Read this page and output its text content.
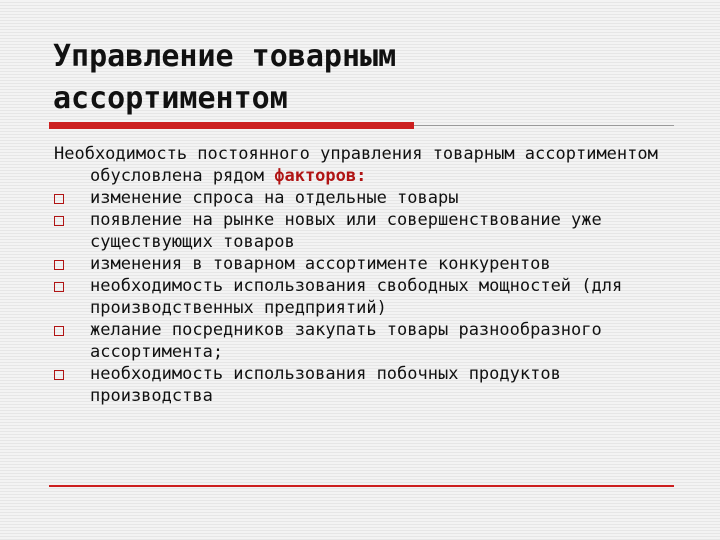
Управление товарным
ассортиментом
Необходимость постоянного управления товарным ассортиментом обусловлена рядом факторов:
изменение спроса на отдельные товары
появление на рынке новых или совершенствование уже существующих товаров
изменения в товарном ассортименте конкурентов
необходимость использования свободных мощностей (для производственных предприятий)
желание посредников закупать товары разнообразного ассортимента;
необходимость использования побочных продуктов производства
